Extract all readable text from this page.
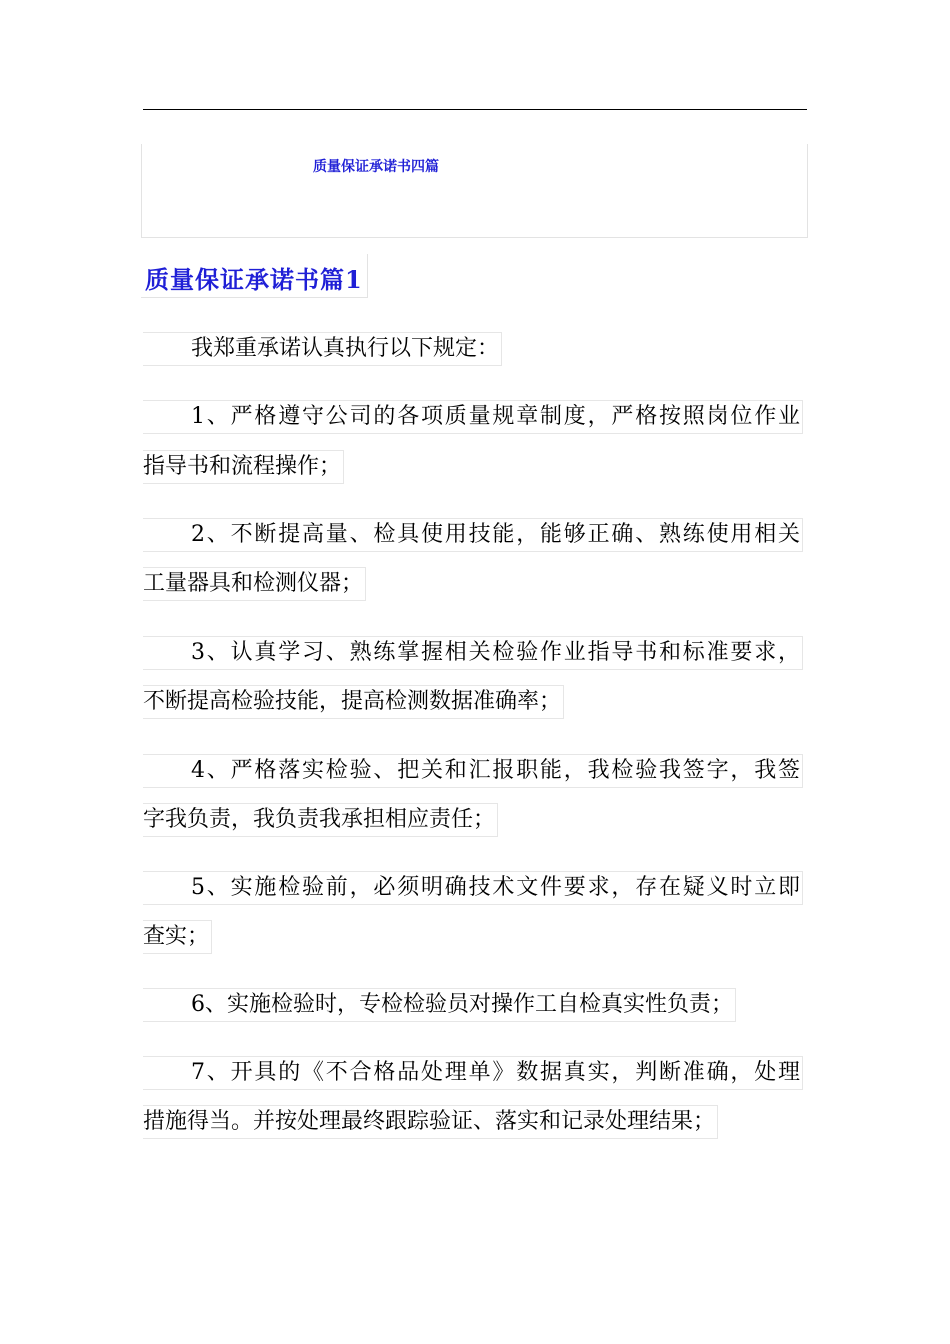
质量保证承诺书四篇
质量保证承诺书篇1
我郑重承诺认真执行以下规定：
1、严格遵守公司的各项质量规章制度，严格按照岗位作业
指导书和流程操作；
2、不断提高量、检具使用技能，能够正确、熟练使用相关
工量器具和检测仪器；
3、认真学习、熟练掌握相关检验作业指导书和标准要求，
不断提高检验技能，提高检测数据准确率；
4、严格落实检验、把关和汇报职能，我检验我签字，我签
字我负责，我负责我承担相应责任；
5、实施检验前，必须明确技术文件要求，存在疑义时立即
查实；
6、实施检验时，专检检验员对操作工自检真实性负责；
7、开具的《不合格品处理单》数据真实，判断准确，处理
措施得当。并按处理最终跟踪验证、落实和记录处理结果；
